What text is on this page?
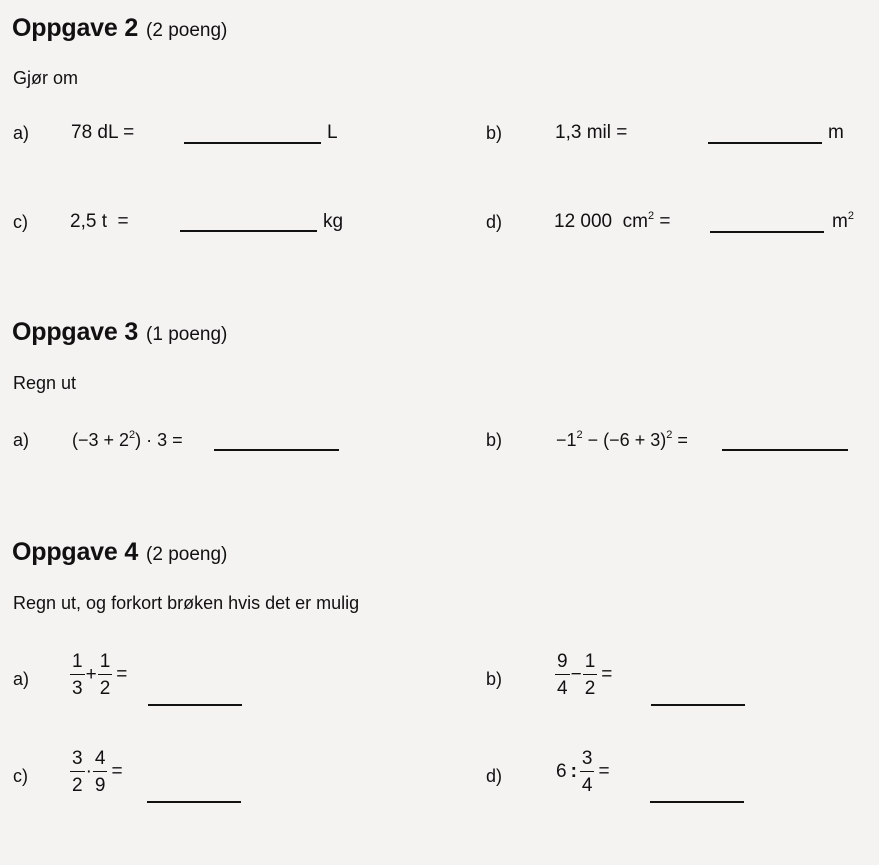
Oppgave 2 (2 poeng)
Gjør om
a) 78 dL =	L	b)	1,3 mil =	m
c) 2,5 t  =	kg	d)	12 000  $cm^2$ =	$m^2$
Oppgave 3 (1 poeng)
Regn ut
a) $(-3 + 2^2) \cdot 3$ =	b)	$-1^2 - (-6 + 3)^2$ =
Oppgave 4 (2 poeng)
Regn ut, og forkort brøken hvis det er mulig
$a) \frac{1}{3} + \frac{1}{2}$ =	b)	$\frac{9}{4} - \frac{1}{2}$ =
$c) \frac{3}{2} \cdot \frac{4}{9}$ =	d)	6 : $\frac{3}{4}$ =
